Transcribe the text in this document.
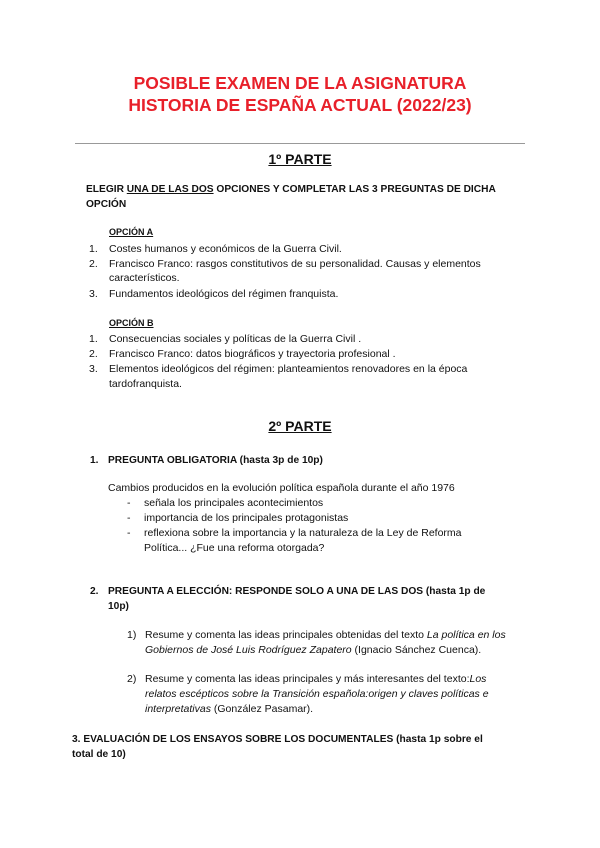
POSIBLE EXAMEN DE LA ASIGNATURA
HISTORIA DE ESPAÑA ACTUAL (2022/23)
1º PARTE
ELEGIR UNA DE LAS DOS OPCIONES Y COMPLETAR LAS 3 PREGUNTAS DE DICHA
OPCIÓN
OPCIÓN A
1. Costes humanos y económicos de la Guerra Civil.
2. Francisco Franco: rasgos constitutivos de su personalidad. Causas y elementos
característicos.
3. Fundamentos ideológicos del régimen franquista.
OPCIÓN B
1. Consecuencias sociales y políticas de la Guerra Civil .
2. Francisco Franco: datos biográficos y trayectoria profesional .
3. Elementos ideológicos del régimen: planteamientos renovadores en la época
tardofranquista.
2º PARTE
1. PREGUNTA OBLIGATORIA (hasta 3p de 10p)
Cambios producidos en la evolución política española durante el año 1976
- señala los principales acontecimientos
- importancia de los principales protagonistas
- reflexiona sobre la importancia y la naturaleza de la Ley de Reforma
Política... ¿Fue una reforma otorgada?
2. PREGUNTA A ELECCIÓN: RESPONDE SOLO A UNA DE LAS DOS (hasta 1p de
10p)
1) Resume y comenta las ideas principales obtenidas del texto La política en los
Gobiernos de José Luis Rodríguez Zapatero (Ignacio Sánchez Cuenca).
2) Resume y comenta las ideas principales y más interesantes del texto:Los
relatos escépticos sobre la Transición española:origen y claves políticas e
interpretativas (González Pasamar).
3. EVALUACIÓN DE LOS ENSAYOS SOBRE LOS DOCUMENTALES (hasta 1p sobre el
total de 10)
